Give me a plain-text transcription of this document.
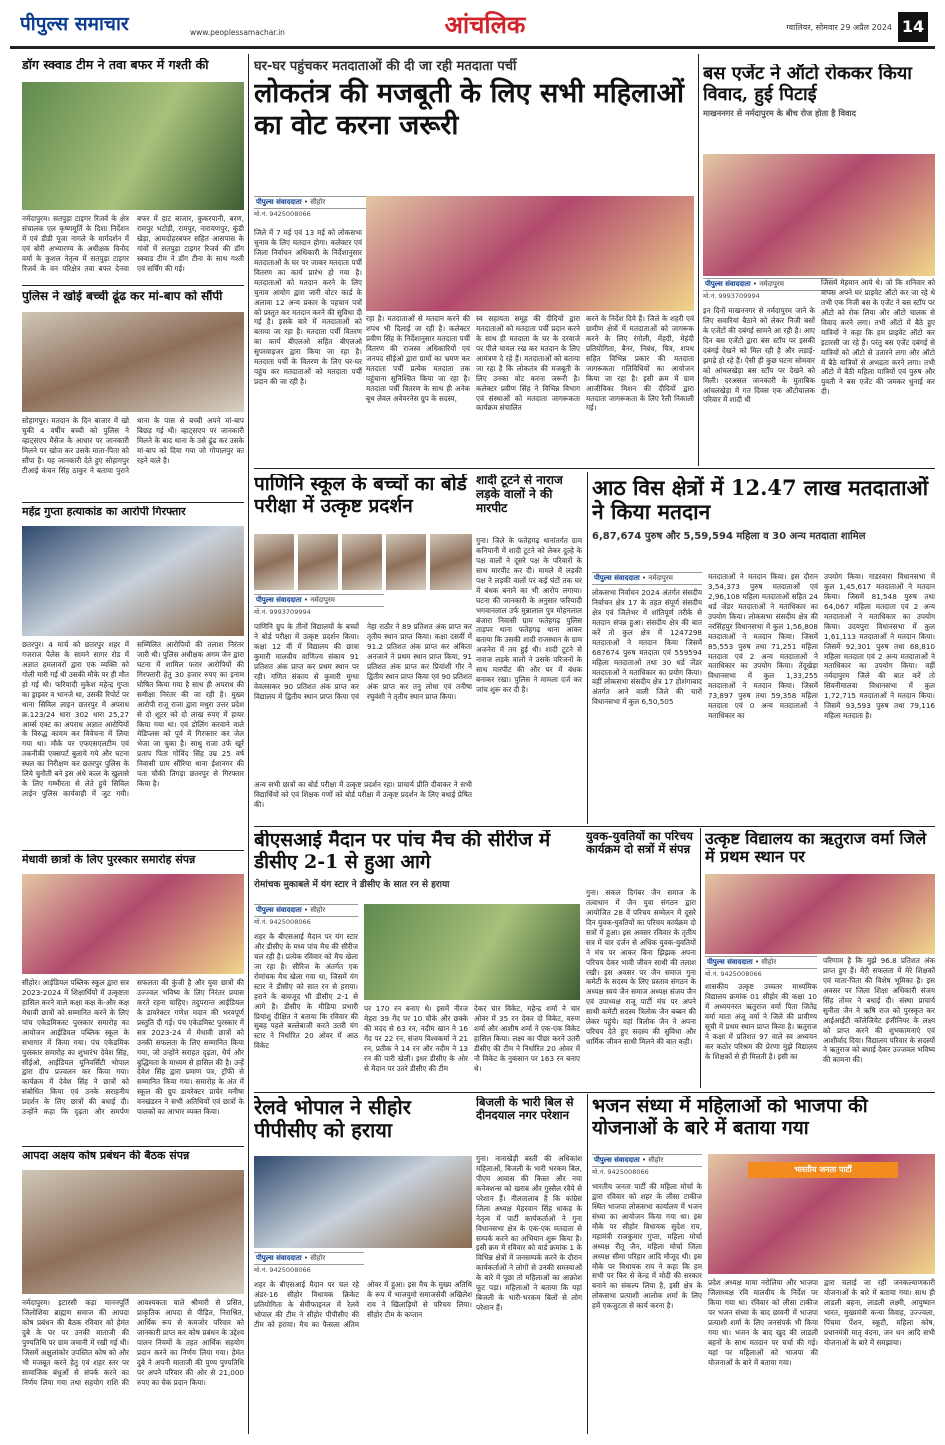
पीपुल्स समाचार	www.peoplessamachar.in	आंचलिक	ग्वालियर, सोमवार 29 अप्रैल 2024 14
डॉग स्क्वाड टीम ने तवा बफर में गश्ती की
नर्मदापुरम। सतपुड़ा टाइगर रिजर्व के क्षेत्र संचालक एल कृष्णमूर्ति के दिशा निर्देशन में एवं डीडी पूजा नागले के मार्गदर्शन में एवं बोरी अभ्यारण्य के अधीक्षक विनोद वर्मा के कुशल नेतृत्व में सतपुड़ा टाइगर रिजर्व के वन परिक्षेत्र तवा बफर देनवा बफर में हाट बाजार, कुकरपानी, बरण, रामपुर भटोड़ी, रामपुर, नारायणपुर, कुंडी खेड़ा, आमदोहरबफर सहित आसपास के गांवों में सतपुड़ा टाइगर रिजर्व की डॉग स्क्वाड टीम ने डॉग टीना के साथ गश्ती एवं सर्चिंग की गई।
पुलिस ने खोई बच्ची ढूंढ कर मां-बाप को सौंपी
सोहागपुर। मतदान के दिन बाजार में खो चुकी 4 वर्षीय बच्ची को पुलिस ने व्हाट्सएप मैसेज के आधार पर जानकारी मिलने पर खोज कर उसके माता-पिता को सौंपा है। यह जानकारी देते हुए सोहागपुर टीआई कंचन सिंह ठाकुर ने बताया पुराने थाना के पास से बच्ची अपने मां-बाप बिछड़ गई थी। व्हाट्सएप पर जानकारी मिलने के बाद थाना के उसे ढूंढ कर उसके मां-बाप को दिया गया जो गोपालपुर का रहने वाले है।
महेंद्र गुप्ता हत्याकांड का आरोपी गिरफ्तार
छतरपुर। 4 मार्च को छतरपुर शहर में गजराज पैलेस के सामने सागर रोड में अज्ञात हमलावरों द्वारा एक व्यक्ति को गोली मारी गई थी उसकी मौके पर ही मौत हो गई थी। फरियादी मुकेश महेन्द्र गुप्ता का ड्राइवर व भानजे था, उसकी रिपोर्ट पर थाना सिविल लाइन छतरपुर में अपराध क्र.123/24 धारा 302 धारा 25,27 आर्म्स एक्ट का अपराध अज्ञात आरोपियों के विरुद्ध कायम कर विवेचना में लिया गया था। मौके पर एफएसएलटीम एवं तकनीकी एक्सपर्ट बुलाये गये और घटना स्थल का निरीक्षण कर छतरपुर पुलिस के लिये चुनौती बने इस अंधे कत्ल के खुलासे के लिए गम्भीरता से लेते हुये सिविल लाईन पुलिस कार्यवाही में जुट गयी। सम्मिलित आरोपियों की तलाश निरंतर जारी थी। पुलिस अधीक्षक अगम जैन द्वारा घटना में शामिल फरार आरोपियों की गिरफ्तारी हेतु 30 हजार रुपए का इनाम घोषित किया गया है साथ ही अपराध की समीक्षा निरंतर की जा रही है। मुख्य आरोपी राजू राजा द्वारा मथुरा उत्तर प्रदेश से दो शूटर को दो लाख रुपए में हायर किया गया था। एवं डोलिंग करवाने वाले मेडिप्लस को पूर्व में गिरफ्तार कर जेल भेजा जा चुका है। साथु राजा उर्फ खूर्र प्रताप पिता गोविंद सिंह उम्र 25 वर्ष निवासी ग्राम सौंरिया थाना ईशानगर की पता चौकी तिगड़ा छतरपुर से गिरफ्तार किया है।
मेधावी छात्रों के लिए पुरस्कार समारोह संपन्न
सीहोर। आईडियल पब्लिक स्कूल द्वारा सत्र 2023-2024 में शिक्षार्थियों में उत्कृष्टता हासिल करने वाले कक्षा कक्ष के-और कक्ष मेधावी छात्रों को सम्मानित करने के लिए पांच एकेडमिकस्ट पुरस्कार समारोह का आयोजन आईडियल पब्लिक स्कूल के सभागार में किया गया। पंच एकेडमिक पुरस्कार समारोह का शुभारंभ देवेश सिंह, सीईओ, आईडियल यूनिवर्सिटी भोपाल द्वारा दीप प्रज्वलन कर किया गया। कार्यक्रम में देवेश सिंह ने छात्रों को संबोधित किया एवं उनके सराहनीय प्रदर्शन के लिए छात्रों की बधाई दी। उन्होंने कहा कि दृढ़ता और समर्पण सफलता की कुंजी है और युवा छात्रों की उज्ज्वल भविष्य के लिए निरंतर प्रयास करते रहना चाहिए। तदुपरान्त आईडियल के डायरेक्टर गणेश मदान की भरवपूर्ण प्रस्तुति दी गई। पंच एकेडमिस्ट पुरस्कार में सत्र 2023-24 में मेधावी छात्रों को उनकी सफलता के लिए सम्मानित किया गया, जो उन्होंने सराहत दृढ़ता, धैर्य और बुद्धिमता के माध्यम से हासिल की है। उन्हें देवेश सिंह द्वारा प्रमाण पत्र, ट्रॉफी से सम्मानित किया गया। समारोह के अंत में स्कूल की ग्रुप डायरेक्टर प्राचेर मनीषा वनखंडरन ने सभी अतिथियों एवं छात्रों के पालकों का आभार व्यक्त किया।
आपदा अक्षय कोष प्रबंधन की बैठक संपन्न
नर्मदापुरम। इटारसी कड़ा माननपूर्ति जिलोशिया ब्राह्मण समाज की आपदा कोष प्रबंधन की बैठक रविवार को हेमंत दुबे के घर पर उनकी माताजी की पुण्यतिथि पर ग्राम जमानी में रखी गई थी। जिसमें अक्षुलांकोर उपस्तित कोष को और भी मजबूत करने हेतु एवं शहर स्तर पर सामाजिक बंधुओं से संपर्क करने का निर्णय लिया गया तथा सहयोग राशि की आवश्यकता वाले श्रीमारी से प्रसित, प्राकृतिक आपदा से पीड़ित, निराश्रित, आर्थिक रूप से कमजोर परिवार को जानकारी प्राप्त कर कोष प्रबंधन के उद्देश्य पालन नियमों के तहत आर्थिक सहयोग प्रदान करने का निर्णय लिया गया। हेमंत दुबे ने अपनी माताजी की पुण्य पुण्यतिथि पर अपने परिवार की ओर से 21,000 रुपए का चेक प्रदान किया।
घर-घर पहुंचकर मतदाताओं की दी जा रही मतदाता पर्ची
लोकतंत्र की मजबूती के लिए सभी महिलाओं का वोट करना जरूरी
पीपुल्स संवाददाता • सीहोर
मो.नं. 9425008066
जिले में 7 मई एवं 13 मई को लोकसभा चुनाव के लिए मतदान होगा। कलेक्टर एवं जिला निर्वाचन अधिकारी के निर्देशानुसार मतदाताओं के घर पर जाकर मतदाता पर्ची वितरण का कार्य प्रारंभ हो गया है। मतदाताओं को मतदान करने के लिए चुनाव आयोग द्वारा जारी वोटर कार्ड के अलावा 12 अन्य प्रकार के पहचान पत्रों को प्रस्तुत कर मतदान करने की सुविधा दी गई है। इसके बारे में मतदाताओं को बताया जा रहा है। मतदाता पर्ची वितरण का कार्य बीएलओ सहित बीएलओ सुपरवाइजर द्वारा किया जा रहा है। मतदाता पर्ची के वितरण के लिए घर-घर पहुंच कर मतदाताओं को मतदाता पर्ची प्रदान की जा रही है।
रहा है। मतदाताओं से मतदान करने की शपथ भी दिलाई जा रही है। कलेक्टर प्रवीण सिंह के निर्देशानुसार मतदाता पर्ची वितरण की राजस्व अधिकारियों एवं जनपद सीईओ द्वारा ग्रामों का भ्रमण कर मतदाता पर्ची प्रत्येक मतदाता तक पहुंचाना सुनिश्चित किया जा रहा है। मतदाता पर्ची वितरण के साथ ही अनेक बूथ लेवल अवेयरनेस ग्रुप के सदस्य,
स्व सहायता समूह की दीदियों द्वारा मतदाताओं को मतदाता पर्ची प्रदान करने के साथ ही मतदाता के घर के दरवाजे पर पीले चावल रख कर मतदान के लिए आमंत्रण दे रहे हैं। मतदाताओं को बताया जा रहा है कि लोकतंत्र की मजबूती के लिए उनका वोट करना जरूरी है। कलेक्टर प्रवीण सिंह ने विभिन्न विभाग एवं संस्थाओं को मतदाता जागरूकता कार्यक्रम संचालित
करने के निर्देश दिये हैं। जिले के शहरी एवं ग्रामीण क्षेत्रों में मतदाताओं को जागरूक करने के लिए रंगोली, मेंहदी, मेहंदी प्रतियोगिता, बैनर, निबंध, चित्र, शपथ सहित विभिन्न प्रकार की मतदाता जागरूकता गतिविधियों का आयोजन किया जा रहा है। इसी क्रम में ग्राम आजीविका मिशन की दीदियों द्वारा मतदाता जागरूकता के लिए रैली निकाली गई।
बस एजेंट ने ऑटो रोककर किया विवाद, हुई पिटाई
माखननगर से नर्मदापुरम के बीच रोज होता है विवाद
पीपुल्स संवाददाता • नर्मदापुरम
मो.नं. 9993709994
इन दिनों माखननगर से नर्मदापुरम जाने के लिए सवारियां बैठाने को लेकर निजी बसों के एजेंटों की दबंगई सामने आ रही है। आए दिन बस एजेंटों द्वारा बस स्टॉप पर इसकी दबंगई देखने को मिल रही है और लड़ाई-झगड़े हो रहे हैं। ऐसी ही कुछ घटना सोमवार को आंचलखेड़ा बस स्टॉप पर देखने को मिली। दरअसल जानकारी के मुताबिक आंचलखेड़ा में गत दिवस एक ऑटोचालक परिवार में शादी थी
जिसमें मेहमान आये थे। जो कि शनिवार को वापस अपने घर प्राइवेट ऑटो कर जा रहे थे तभी एक निजी बस के एजेंट ने बस स्टॉप पर ऑटो को रोक लिया और ऑटो चालक से विवाद करने लगा। तभी ऑटो में बैठे हुए यात्रियों ने कहा कि हम प्राइवेट ऑटो कर इटारसी जा रहे हैं। परंतु बस एजेंट दबंगई से यात्रियों को ऑटो से उतारने लगा और ऑटो में बैठे यात्रियों से अभद्रता करने लगा। तभी ऑटो में बैठी महिला यात्रियों एवं पुरुष और युवती ने बस एजेंट की जमकर धुनाई कर दी।
पाणिनि स्कूल के बच्चों का बोर्ड परीक्षा में उत्कृष्ट प्रदर्शन
पीपुल्स संवाददाता • नर्मदापुरम
मो.नं. 9993709994
पाणिनि ग्रुप के तीनों विद्यालयों के बच्चों ने बोर्ड परीक्षा में उत्कृष्ट प्रदर्शन किया। कक्षा 12 वीं में विद्यालय की छात्रा कुमारी मालवीय वाणिज्य संकाय 91 प्रतिशत अंक प्राप्त कर प्रथम स्थान पर रही। गणित संकाय से कुमारी मुग्धा वेवलसकर 90 प्रतिशत अंक प्राप्त कर विद्यालय में द्वितीय स्थान प्राप्त किया एवं नेहा राठौर ने 89 प्रतिशत अंक प्राप्त कर तृतीय स्थान प्राप्त किया। कक्षा दसवीं में 91.2 प्रतिशत अंक प्राप्त कर अंकिता अनजाने ने प्रथम स्थान प्राप्त किया, 91 प्रतिशत अंक प्राप्त कर प्रियांशी गौर ने द्वितीय स्थान प्राप्त किया एवं 90 प्रतिशत अंक प्राप्त कर तनु लोधा एवं तनीषा रघुवंशी ने तृतीय स्थान प्राप्त किया।
शादी टूटने से नाराज लड़के वालों ने की मारपीट
गुना। जिले के फतेहगढ़ थानांतर्गत ग्राम कनिपानी में शादी टूटने को लेकर दुल्हे के पक्ष वालों ने दूसरे पक्ष के परिवारों के साथ मारपीट कर दी। मामले में लड़की पक्ष ने लड़की वालों पर कई घंटों तक घर में बंधक बनाने का भी आरोप लगाया। घटना की जानकारी के अनुसार फरियादी भगवानलाल उर्फ मुन्नालाल पुत्र मोहनलाल बंजारा निवासी ग्राम फतेहगढ़ पुलिस ताड़पर थाना फतेहगढ़ थाना आकर बताया कि उसकी शादी राजस्थान के ग्राम अजनेरा में तय हुई थी। शादी टूटने से नाराज लड़के वालों ने उसके परिजनों के साथ मारपीट की और घर में बंधक बनाकर रखा। पुलिस ने मामला दर्ज कर जांच शुरू कर दी है।
अन्य सभी छात्रों का बोर्ड परीक्षा में उत्कृष्ट प्रदर्शन रहा। प्राचार्य प्रीति दीवाकर ने सभी विद्यार्थियों को एवं शिक्षक गणों को बोर्ड परीक्षा में उत्कृष्ट प्रदर्शन के लिए बधाई प्रेषित की।
आठ विस क्षेत्रों में 12.47 लाख मतदाताओं ने किया मतदान
6,87,674 पुरुष और 5,59,594 महिला व 30 अन्य मतदाता शामिल
पीपुल्स संवाददाता • नर्मदापुरम
लोकसभा निर्वाचन 2024 अंतर्गत संसदीय निर्वाचन क्षेत्र 17 के तहत संपूर्ण संसदीय क्षेत्र एवं जिलेभर में शांतिपूर्ण तरीके से मतदान संपन्न हुआ। संसदीय क्षेत्र की बात करें तो कुल क्षेत्र में 1247298 मतदाताओं ने मतदान किया जिसमें 687674 पुरुष मतदाता एवं 559594 महिला मतदाताओं तथा 30 थर्ड जेंडर मतदाताओं ने मताधिकार का प्रयोग किया। वहीं लोकसभा संसदीय क्षेत्र 17 होशंगाबाद अंतर्गत आने वाली जिले की चारों विधानसभा में कुल 6,50,505
मतदाताओं ने मतदान किया। इस दौरान 3,54,373 पुरुष मतदाताओं एवं 2,96,108 महिला मतदाताओं सहित 24 थर्ड जेंडर मतदाताओं ने मताधिकार का उपयोग किया। लोकसभा संसदीय क्षेत्र की नरसिंहपुर विधानसभा में कुल 1,56,808 मतदाताओं ने मतदान किया। जिसमें 85,553 पुरुष तथा 71,251 महिला मतदाता एवं 2 अन्य मतदाताओं ने मताधिकार का उपयोग किया। तेंदूखेड़ा विधानसभा में कुल 1,33,255 मतदाताओं ने मतदान किया। जिसमें 73,897 पुरुष तथा 59,358 महिला मतदाता एवं 0 अन्य मतदाताओं ने मताधिकार का
उपयोग किया। गाडरवारा विधानसभा में कुल 1,45,617 मतदाताओं ने मतदान किया। जिसमें 81,548 पुरुष तथा 64,067 महिला मतदाता एवं 2 अन्य मतदाताओं ने मताधिकार का उपयोग किया। उदयपुरा विधानसभा में कुल 1,61,113 मतदाताओं ने मतदान किया। जिसमें 92,301 पुरुष तथा 68,810 महिला मतदाता एवं 2 अन्य मतदाताओं ने मताधिकार का उपयोग किया। वहीं नर्मदापुरम जिले की बात करें तो सिवनीमालवा विधानसभा में कुल 1,72,715 मतदाताओं ने मतदान किया। जिसमें 93,593 पुरुष तथा 79,116 महिला मतदाता है।
बीएसआई मैदान पर पांच मैच की सीरीज में डीसीए 2-1 से हुआ आगे
रोमांचक मुकाबले में यंग स्टार ने डीसीए के सात रन से हराया
पीपुल्स संवाददाता • सीहोर
मो.नं. 9425008066
शहर के बीएसआई मैदान पर यंग स्टार और डीसीए के मध्य पांच मैच की सीरीज चल रही है। प्रत्येक रविवार को मैच खेला जा रहा है। सीरिज के अंतर्गत एक रोमांचक मैच खेला गया था, जिसमें यंग स्टार ने डीसीए को सात रन से हराया। हराने के बावजूद भी डीसीए 2-1 से आगे है। डीसीए के मीडिया प्रभारी प्रियांशु दीक्षित ने बताया कि रविवार की सुबह पहले बल्लेबाजी करते उतरी यंग स्टार ने निर्धारित 20 ओवर में आठ विकेट
पर 170 रन बनाए थे। इसमें नीरज मेहरा 39 गेंद पर 10 चौके और छक्के की मदद से 63 रन, नदीम खान ने 16 गेंद पर 22 रन, संजय विश्वकर्मा ने 21 रन, प्रतीक ने 14 रन और नदीम ने 13 रन की पारी खेली। इधर डीसीए के ओर से मैदान पर उतरे डीसीए की टीम
देकर चार विकेट, महेन्द्र शर्मा ने चार ओवर में 35 रन देकर दो विकेट, वरुण शर्मा और आशीष शर्मा ने एक-एक विकेट हासिल किया। लक्ष्य का पीछा करने उतरी डीसीए की टीम ने निर्धारित 20 ओवर में नौ विकेट के नुकसान पर 163 रन बनाए थे।
युवक-युवतियों का परिचय कार्यक्रम दो सत्रों में संपन्न
गुना। सकल दिगंबर जैन समाज के तत्वाधान में जैन युवा संगठन द्वारा आयोजित 28 वें परिचय सम्मेलन में दूसरे दिन युवक-युवतियों का परिचय कार्यक्रम दो सत्रों में हुआ। इस अवसर रविवार के तृतीय सत्र में चार दर्जन से अधिक युवक-युवतियों ने मंच पर आकर बिना झिझक अपना परिचय देकर भावी जीवन साथी की तलाश रखी। इस अवसर पर जैन समाज गुना कमेटी के सदस्य के लिए प्रस्ताव संगठन के अध्यक्ष स्वयं जैन समाज अध्यक्ष संजय जैन एवं उपाध्यक्ष राजू पार्टी मंच पर अपने साथी कमेटी सदस्य त्रिलोक जैन बब्बन की लेकर पहुंचे। यहां त्रिलोक जैन ने अपना परिचय देते हुए सदस्य की सुविधा और धार्मिक जीवन साथी मिलने की बात कही।
उत्कृष्ट विद्यालय का ऋतुराज वर्मा जिले में प्रथम स्थान पर
पीपुल्स संवाददाता • सीहोर
मो.नं. 9425008066
शासकीय उत्कृष्ट उच्चतर माध्यमिक विद्यालय क्रमांक 01 सीहोर की कक्षा 10 में अध्ययनरत ऋतुराज वर्मा पिता जितेंद्र वर्मा माता अंजू वर्मा ने जिले की प्रावीण्य सूची में प्रथम स्थान प्राप्त किया है। ऋतुराज ने कक्षा में प्रतिशत 97 वाले स्व अध्ययन कर कठोर परिश्रम की प्रेरणा मुझे विद्यालय के शिक्षकों से ही मिलती है। इसी का
परिणाम है कि मुझे 96.8 प्रतिशत अंक प्राप्त हुए हैं। मेरी सफलता में मेरे शिक्षकों एवं माता-पिता की विशेष भूमिका है। इस अवसर पर जिला शिक्षा अधिकारी संजय सिंह तोमर ने बधाई दी। संस्था प्राचार्य सुनीता जैन ने ऋषि राज को पुरस्कृत कर आईआईटी कॉलेजियेट इंजीनियर के लक्ष्य को प्राप्त करने की शुभकामनाएं एवं आशीर्वाद दिया। विद्यालय परिवार के सदस्यों ने ऋतुराज को बधाई देकर उज्जवल भविष्य की कामना की।
रेलवे भोपाल ने सीहोर पीपीसीए को हराया
पीपुल्स संवाददाता • सीहोर
मो.नं. 9425008066
शहर के बीएसआई मैदान पर चल रहे अंडर-16 सीहोर विधायक क्रिकेट प्रतियोगिता के सेमीफाइनल में रेलवे भोपाल की टीम ने सीहोर पीपीसीए की टीम को हराया। मैच का फैसला अंतिम ओवर में हुआ। इस मैच के मुख्य अतिथि के रूप में भाजयुमो समाजसेवी अखिलेश राय ने खिलाड़ियों से परिचय लिया। सीहोर टीम के कप्तान
बिजली के भारी बिल से दीनदयाल नगर परेशान
गुना। नानाखेड़ी बस्ती की अधिकांश महिलाओं, बिजली के भारी भरकम बिल, पीएम आवास की किस्त और नया कनेक्शन्स को खराब और गुस्सैल रवैये से परेशान हैं। नीलतालाब है कि कांग्रेस जिला अध्यक्ष मेहरवान सिंह धाकड़ के नेतृत्व में पार्टी कार्यकर्ताओं ने गुना विधानसभा क्षेत्र के एक-एक मतदाता से सम्पर्क करने का अभियान शुरू किया है। इसी क्रम में रविवार को वार्ड क्रमांक 1 के विभिन्न क्षेत्रों में जनसम्पर्क करने के दौरान कार्यकर्ताओं ने लोगों से उनकी समस्याओं के बारे में पूछा तो महिलाओं का आक्रोश फूट पड़ा। महिलाओं ने बताया कि यहां बिजली के भारी-भरकम बिलों से लोग परेशान हैं।
भजन संध्या में महिलाओं को भाजपा की योजनाओं के बारे में बताया गया
पीपुल्स संवाददाता • सीहोर
मो.नं. 9425008066
भारतीय जनता पार्टी की महिला मोर्चा के द्वारा रविवार को शहर के लीसा टाकीज स्थित भाजपा लोकसभा कार्यालय में भजन संध्या का आयोजन किया गया था। इस मौके पर सीहोर विधायक सुदेश राय, महामंत्री राजकुमार गुप्ता, महिला मोर्चा अध्यक्ष रीतू जैन, महिला मोर्चा जिला अध्यक्ष सीमा परिहार आदि मौजूद थी। इस मौके पर विधायक राय ने कहा कि हम सभी पर फिर से केन्द्र में मोदी की सरकार बनाने का संकल्प लिया है, इसी क्षेत्र के लोकसभा प्रत्याशी आलोक शर्मा के लिए हमें एकजुटता से कार्य करना है।
भारतीय जनता पार्टी
प्रदेश अध्यक्ष माया नरोलिया और भाजपा जिलाध्यक्ष रवि मालवीय के निर्देश पर किया गया था। रविवार को लीसा टाकीज पर भजन संध्या के बाद छावनी में भाजपा प्रत्याशी शर्मा के लिए जनसंपर्क भी किया गया था। भजन के बाद खुद की लाडली बहनों के साथ मतदान पर चर्चा की गई। यहां पर महिलाओं को भाजपा की योजनाओं के बारे में बताया गया।
द्वारा चलाई जा रहीं जनकल्याणकारी योजनाओं के बारे में बताया गया। साथ ही लाडली बहना, लाडली लक्ष्मी, आयुष्मान भारत, मुख्यमंत्री कन्या विवाह, उज्ज्वला, पिंचमा पेंशन, स्कूटी, महिला कोष, प्रधानमंत्री मातृ वंदना, जन धन आदि सभी योजनाओं के बारे में समझाया।
